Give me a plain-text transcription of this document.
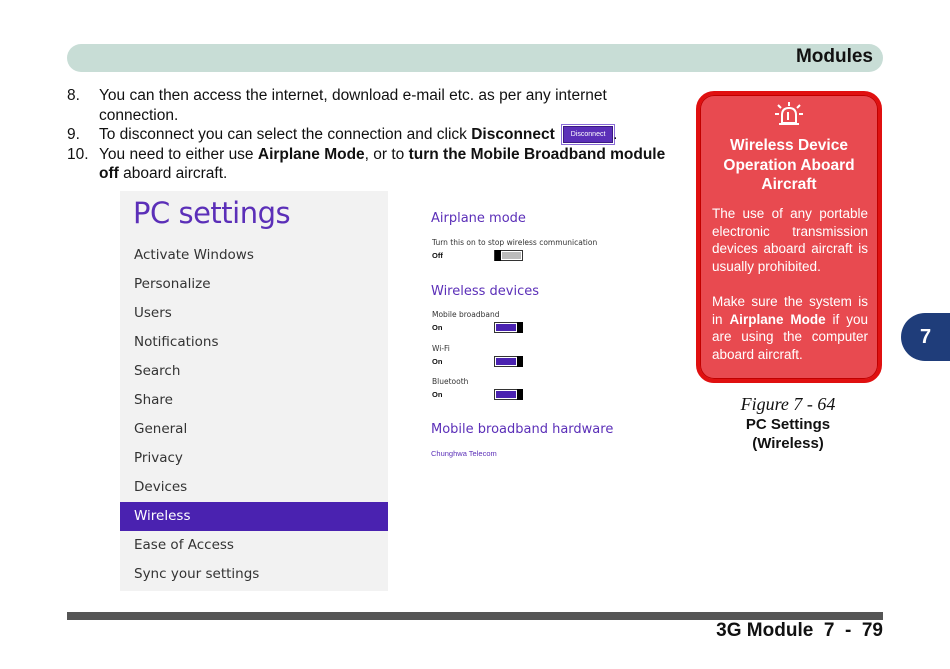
Modules
8. You can then access the internet, download e-mail etc. as per any internet connection.
9. To disconnect you can select the connection and click Disconnect Disconnect .
10. You need to either use Airplane Mode, or to turn the Mobile Broadband module off aboard aircraft.
PC settings
Activate Windows
Personalize
Users
Notifications
Search
Share
General
Privacy
Devices
Wireless
Ease of Access
Sync your settings
Airplane mode
Turn this on to stop wireless communication
Off
Wireless devices
Mobile broadband
On
Wi-Fi
On
Bluetooth
On
Mobile broadband hardware
Chunghwa Telecom
Wireless Device Operation Aboard Aircraft

The use of any portable electronic transmission devices aboard aircraft is usually prohibited.

Make sure the system is in Airplane Mode if you are using the computer aboard aircraft.

Figure 7 - 64
PC Settings
(Wireless)
7
3G Module  7  -  79
